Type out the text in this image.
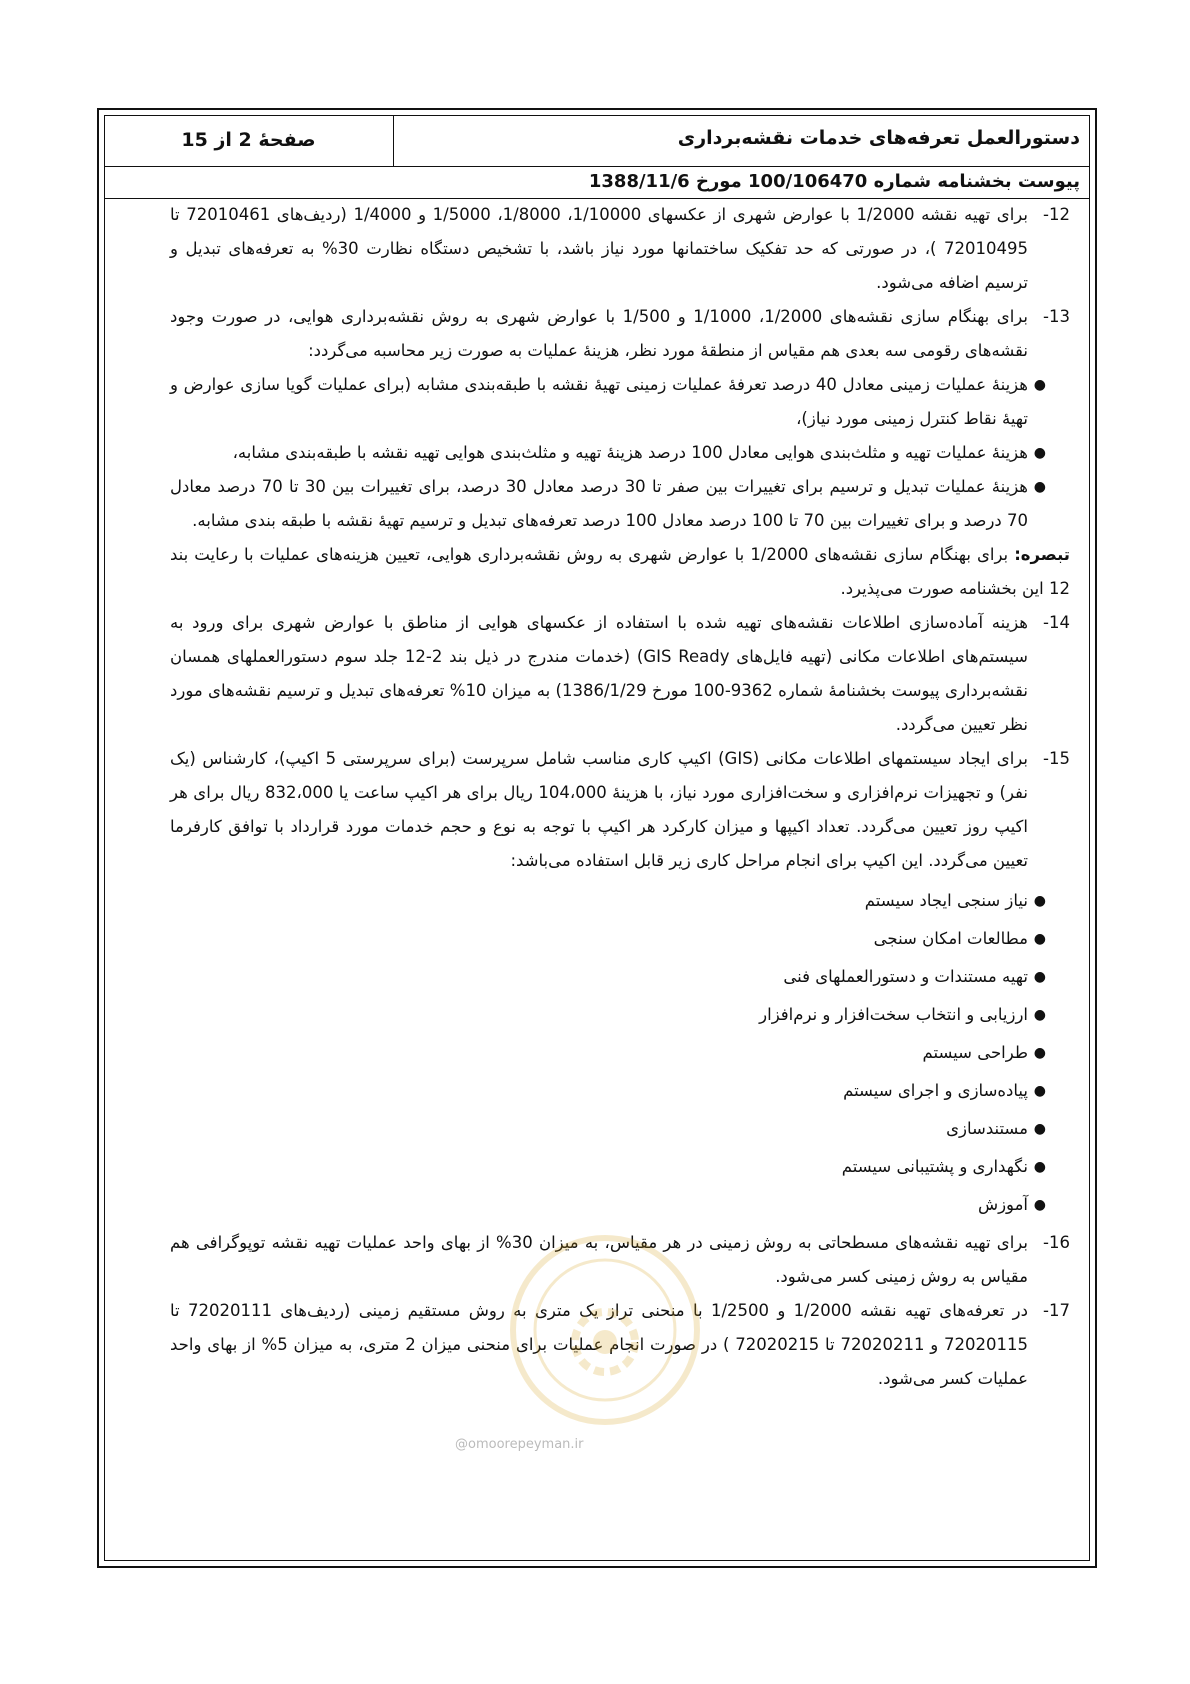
دستورالعمل تعرفه‌های خدمات نقشه‌برداری
صفحۀ 2 از 15
پیوست بخشنامه شماره 100/106470 مورخ 1388/11/6

12-
برای تهیه نقشه 1/2000 با عوارض شهری از عکسهای 1/10000، 1/8000، 1/5000 و 1/4000 (ردیف‌های 72010461 تا 72010495 )، در صورتی که حد تفکیک ساختمانها مورد نیاز باشد، با تشخیص دستگاه نظارت 30% به تعرفه‌های تبدیل و ترسیم اضافه می‌شود.

13-
برای بهنگام سازی نقشه‌های 1/2000، 1/1000 و 1/500 با عوارض شهری به روش نقشه‌برداری هوایی، در صورت وجود نقشه‌های رقومی سه بعدی هم مقیاس از منطقۀ مورد نظر، هزینۀ عملیات به صورت زیر محاسبه می‌گردد:

●
هزینۀ عملیات زمینی معادل 40 درصد تعرفۀ عملیات زمینی تهیۀ نقشه با طبقه‌بندی مشابه (برای عملیات گویا سازی عوارض و تهیۀ نقاط کنترل زمینی مورد نیاز)،

●
هزینۀ عملیات تهیه و مثلث‌بندی هوایی معادل 100 درصد هزینۀ تهیه و مثلث‌بندی هوایی تهیه نقشه با طبقه‌بندی مشابه،

●
هزینۀ عملیات تبدیل و ترسیم برای تغییرات بین صفر تا 30 درصد معادل 30 درصد، برای تغییرات بین 30 تا 70 درصد معادل 70 درصد و برای تغییرات بین 70 تا 100 درصد معادل 100 درصد تعرفه‌های تبدیل و ترسیم تهیۀ نقشه با طبقه بندی مشابه.

تبصره: برای بهنگام سازی نقشه‌های 1/2000 با عوارض شهری به روش نقشه‌برداری هوایی، تعیین هزینه‌های عملیات با رعایت بند 12 این بخشنامه صورت می‌پذیرد.

14-
هزینه آماده‌سازی اطلاعات نقشه‌های تهیه شده با استفاده از عکسهای هوایی از مناطق با عوارض شهری برای ورود به سیستم‌های اطلاعات مکانی (تهیه فایل‌های GIS Ready) (خدمات مندرج در ذیل بند 2-12 جلد سوم دستورالعملهای همسان نقشه‌برداری پیوست بخشنامۀ شماره 9362-100 مورخ 1386/1/29) به میزان 10% تعرفه‌های تبدیل و ترسیم نقشه‌های مورد نظر تعیین می‌گردد.

15-
برای ایجاد سیستمهای اطلاعات مکانی (GIS) اکیپ کاری مناسب شامل سرپرست (برای سرپرستی 5 اکیپ)، کارشناس (یک نفر) و تجهیزات نرم‌افزاری و سخت‌افزاری مورد نیاز، با هزینۀ 104،000 ریال برای هر اکیپ ساعت یا 832،000 ریال برای هر اکیپ روز تعیین می‌گردد. تعداد اکیپها و میزان کارکرد هر اکیپ با توجه به نوع و حجم خدمات مورد قرارداد با توافق کارفرما تعیین می‌گردد. این اکیپ برای انجام مراحل کاری زیر قابل استفاده می‌باشد:

●
نیاز سنجی ایجاد سیستم
●
مطالعات امکان سنجی
●
تهیه مستندات و دستورالعملهای فنی
●
ارزیابی و انتخاب سخت‌افزار و نرم‌افزار
●
طراحی سیستم
●
پیاده‌سازی و اجرای سیستم
●
مستندسازی
●
نگهداری و پشتیبانی سیستم
●
آموزش

16-
برای تهیه نقشه‌های مسطحاتی به روش زمینی در هر مقیاس، به میزان 30% از بهای واحد عملیات تهیه نقشه توپوگرافی هم مقیاس به روش زمینی کسر می‌شود.

17-
در تعرفه‌های تهیه نقشه 1/2000 و 1/2500 با منحنی تراز یک متری به روش مستقیم زمینی (ردیف‌های 72020111 تا 72020115 و 72020211 تا 72020215 ) در صورت انجام عملیات برای منحنی میزان 2 متری، به میزان 5% از بهای واحد عملیات کسر می‌شود.

@omoorepeyman.ir
